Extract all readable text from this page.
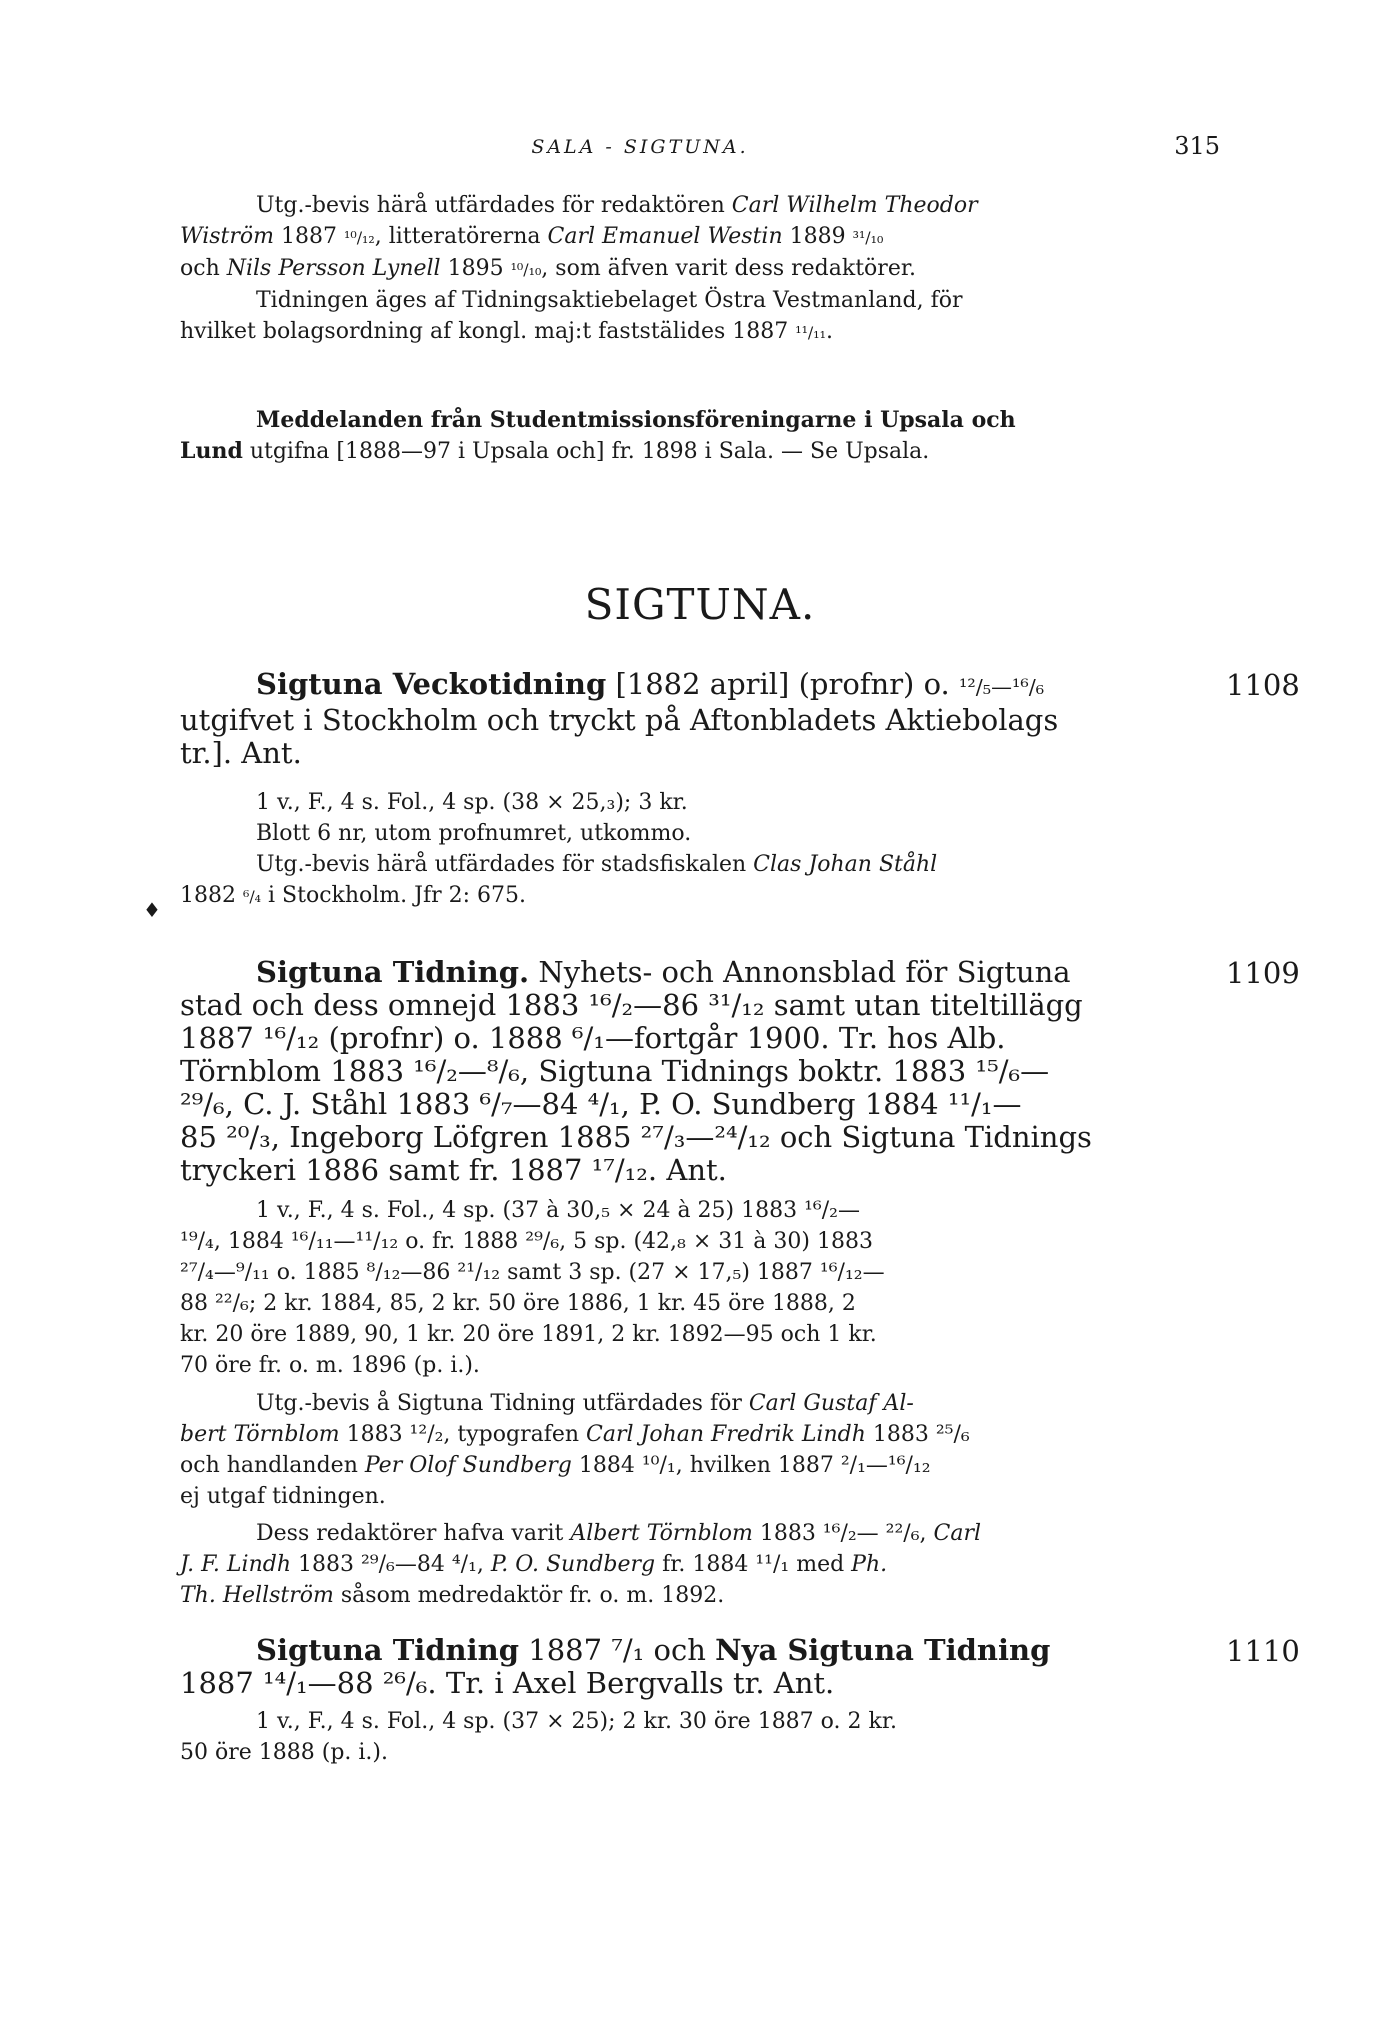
SALA - SIGTUNA.	315
Utg.-bevis härå utfärdades för redaktören Carl Wilhelm Theodor
Wiström 1887 ¹⁰/₁₂, litteratörerna Carl Emanuel Westin 1889 ³¹/₁₀
och Nils Persson Lynell 1895 ¹⁰/₁₀, som äfven varit dess redaktörer.
Tidningen äges af Tidningsaktiebelaget Östra Vestmanland, för
hvilket bolagsordning af kongl. maj:t faststälides 1887 ¹¹/₁₁.
Meddelanden från Studentmissionsföreningarne i Upsala och
Lund utgifna [1888—97 i Upsala och] fr. 1898 i Sala. — Se Upsala.
SIGTUNA.
1108
Sigtuna Veckotidning [1882 april] (profnr) o. ¹²/₅—¹⁶/₆
utgifvet i Stockholm och tryckt på Aftonbladets Aktiebolags
tr.]. Ant.
1 v., F., 4 s. Fol., 4 sp. (38 × 25,₃); 3 kr.
Blott 6 nr, utom profnumret, utkommo.
Utg.-bevis härå utfärdades för stadsfiskalen Clas Johan Ståhl
1882 ⁶/₄ i Stockholm. Jfr 2: 675.
♦
1109
Sigtuna Tidning. Nyhets- och Annonsblad för Sigtuna
stad och dess omnejd 1883 ¹⁶/₂—86 ³¹/₁₂ samt utan titeltillägg
1887 ¹⁶/₁₂ (profnr) o. 1888 ⁶/₁—fortgår 1900. Tr. hos Alb.
Törnblom 1883 ¹⁶/₂—⁸/₆, Sigtuna Tidnings boktr. 1883 ¹⁵/₆—
²⁹/₆, C. J. Ståhl 1883 ⁶/₇—84 ⁴/₁, P. O. Sundberg 1884 ¹¹/₁—
85 ²⁰/₃, Ingeborg Löfgren 1885 ²⁷/₃—²⁴/₁₂ och Sigtuna Tidnings
tryckeri 1886 samt fr. 1887 ¹⁷/₁₂. Ant.
1 v., F., 4 s. Fol., 4 sp. (37 à 30,₅ × 24 à 25) 1883 ¹⁶/₂—
¹⁹/₄, 1884 ¹⁶/₁₁—¹¹/₁₂ o. fr. 1888 ²⁹/₆, 5 sp. (42,₈ × 31 à 30) 1883
²⁷/₄—⁹/₁₁ o. 1885 ⁸/₁₂—86 ²¹/₁₂ samt 3 sp. (27 × 17,₅) 1887 ¹⁶/₁₂—
88 ²²/₆; 2 kr. 1884, 85, 2 kr. 50 öre 1886, 1 kr. 45 öre 1888, 2
kr. 20 öre 1889, 90, 1 kr. 20 öre 1891, 2 kr. 1892—95 och 1 kr.
70 öre fr. o. m. 1896 (p. i.).
Utg.-bevis å Sigtuna Tidning utfärdades för Carl Gustaf Al-
bert Törnblom 1883 ¹²/₂, typografen Carl Johan Fredrik Lindh 1883 ²⁵/₆
och handlanden Per Olof Sundberg 1884 ¹⁰/₁, hvilken 1887 ²/₁—¹⁶/₁₂
ej utgaf tidningen.
Dess redaktörer hafva varit Albert Törnblom 1883 ¹⁶/₂— ²²/₆, Carl
J. F. Lindh 1883 ²⁹/₆—84 ⁴/₁, P. O. Sundberg fr. 1884 ¹¹/₁ med Ph.
Th. Hellström såsom medredaktör fr. o. m. 1892.
1110
Sigtuna Tidning 1887 ⁷/₁ och Nya Sigtuna Tidning
1887 ¹⁴/₁—88 ²⁶/₆. Tr. i Axel Bergvalls tr. Ant.
1 v., F., 4 s. Fol., 4 sp. (37 × 25); 2 kr. 30 öre 1887 o. 2 kr.
50 öre 1888 (p. i.).
